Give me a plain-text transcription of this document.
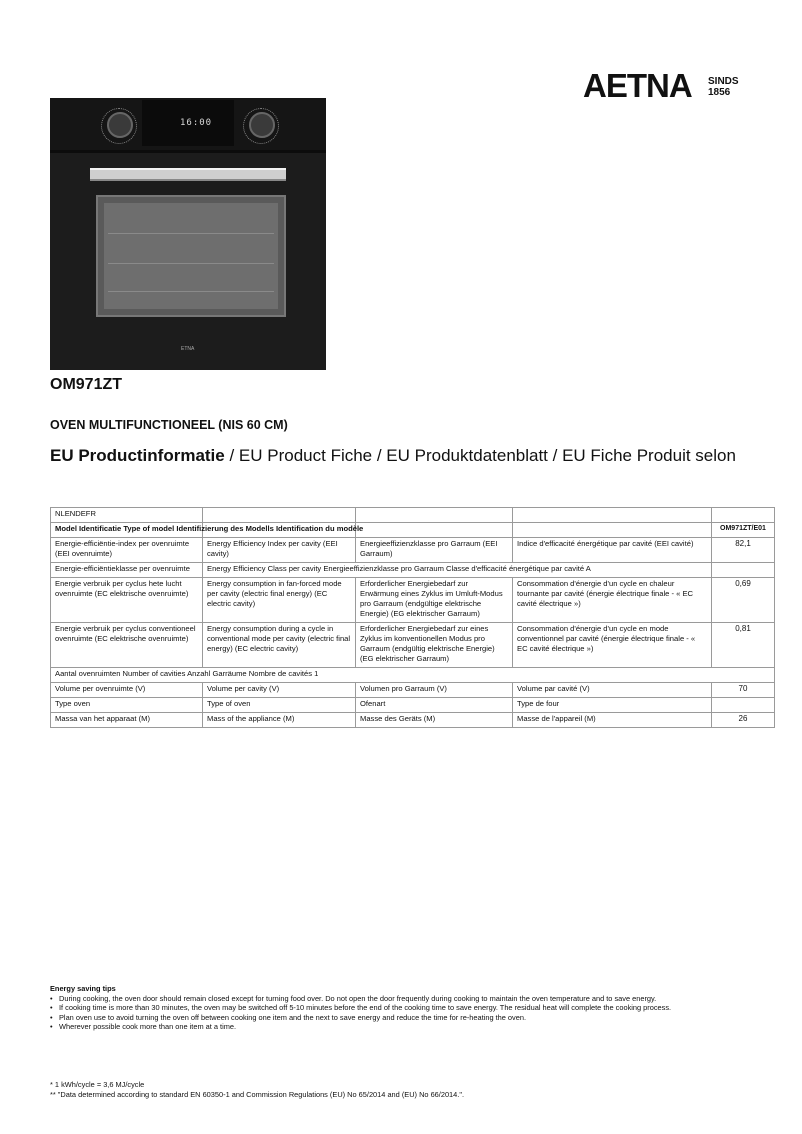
AETNA SINDS
1856
16:00
ETNA
OM971ZT
OVEN MULTIFUNCTIONEEL (NIS 60 CM)
EU Productinformatie / EU Product Fiche / EU Produktdatenblatt / EU Fiche Produit selon
NLENDEFR				

Model Identificatie Type of model Identifizierung des Modells Identification du modèle				OM971ZT/E01
Energie-efficiëntie-index per ovenruimte (EEI ovenruimte)	Energy Efficiency Index per cavity (EEI cavity)	Energieeffizienzklasse pro Garraum (EEI Garraum)	Indice d'efficacité énergétique par cavité (EEI cavité)	82,1
Energie-efficiëntieklasse per ovenruimte	Energy Efficiency Class per cavity Energieeffizienzklasse pro Garraum Classe d'efficacité énergétique par cavité A			
Energie verbruik per cyclus hete lucht ovenruimte (EC elektrische ovenruimte)	Energy consumption in fan-forced mode per cavity (electric final energy) (EC electric cavity)	Erforderlicher Energiebedarf zur Erwärmung eines Zyklus im Umluft-Modus pro Garraum (endgültige elektrische Energie) (EG elektrischer Garraum)	Consommation d'énergie d'un cycle en chaleur tournante par cavité (énergie électrique finale - « EC cavité électrique »)	0,69
Energie verbruik per cyclus conventioneel ovenruimte (EC elektrische ovenruimte)	Energy consumption during a cycle in conventional mode per cavity (electric final energy) (EC electric cavity)	Erforderlicher Energiebedarf zur eines Zyklus im konventionellen Modus pro Garraum (endgültig elektrische Energie) (EG elektrischer Garraum)	Consommation d'énergie d'un cycle en mode conventionnel par cavité (énergie électrique finale - « EC cavité électrique »)	0,81
Aantal ovenruimten Number of cavities Anzahl Garräume Nombre de cavités 1				
Volume per ovenruimte (V)	Volume per cavity (V)	Volumen pro Garraum (V)	Volume par cavité (V)	70
Type oven	Type of oven	Ofenart	Type de four	
Massa van het apparaat (M)	Mass of the appliance (M)	Masse des Geräts (M)	Masse de l'appareil (M)	26
Energy saving tips
• During cooking, the oven door should remain closed except for turning food over. Do not open the door frequently during cooking to maintain the oven temperature and to save energy.
• If cooking time is more than 30 minutes, the oven may be switched off 5-10 minutes before the end of the cooking time to save energy. The residual heat will complete the cooking process.
• Plan oven use to avoid turning the oven off between cooking one item and the next to save energy and reduce the time for re-heating the oven.
• Wherever possible cook more than one item at a time.
* 1 kWh/cycle = 3,6 MJ/cycle
** "Data determined according to standard EN 60350-1 and Commission Regulations (EU) No 65/2014 and (EU) No 66/2014.".
